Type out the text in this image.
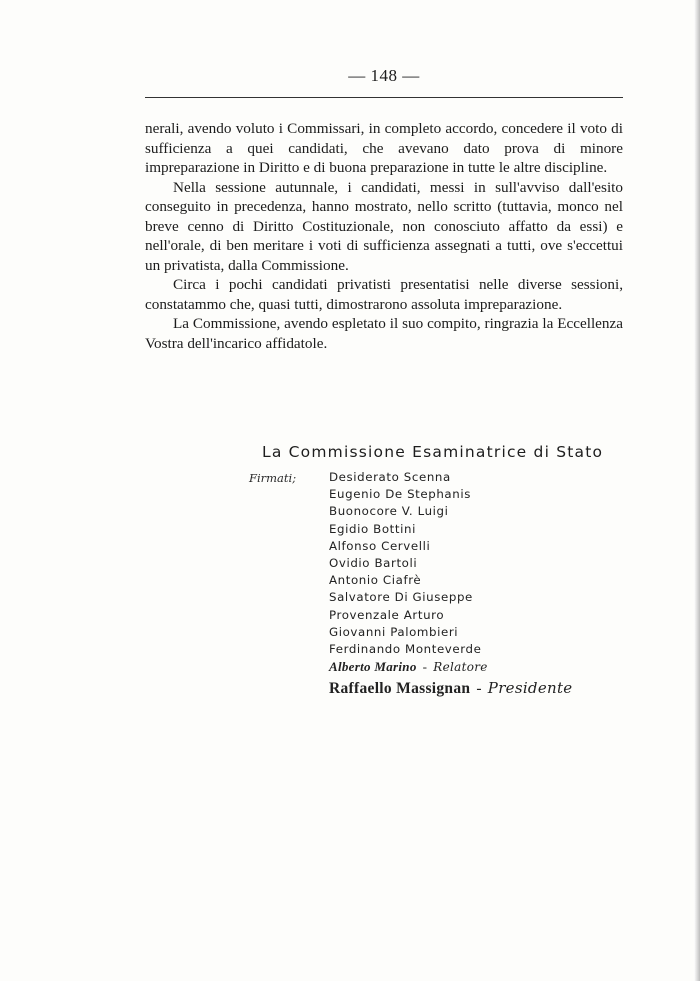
— 148 —

nerali, avendo voluto i Commissari, in completo accordo, concedere il voto di sufficienza a quei candidati, che avevano dato prova di minore impreparazione in Diritto e di buona preparazione in tutte le altre discipline.

Nella sessione autunnale, i candidati, messi in sull'avviso dall'esito conseguito in precedenza, hanno mostrato, nello scritto (tuttavia, monco nel breve cenno di Diritto Costituzionale, non conosciuto affatto da essi) e nell'orale, di ben meritare i voti di sufficienza assegnati a tutti, ove s'eccettui un privatista, dalla Commissione.

Circa i pochi candidati privatisti presentatisi nelle diverse sessioni, constatammo che, quasi tutti, dimostrarono assoluta impreparazione.

La Commissione, avendo espletato il suo compito, ringrazia la Eccellenza Vostra dell'incarico affidatole.

La Commissione Esaminatrice di Stato
Firmati;	Desiderato Scenna
Eugenio De Stephanis
Buonocore V. Luigi
Egidio Bottini
Alfonso Cervelli
Ovidio Bartoli
Antonio Ciafrè
Salvatore Di Giuseppe
Provenzale Arturo
Giovanni Palombieri
Ferdinando Monteverde
Alberto Marino - Relatore
Raffaello Massignan - Presidente
